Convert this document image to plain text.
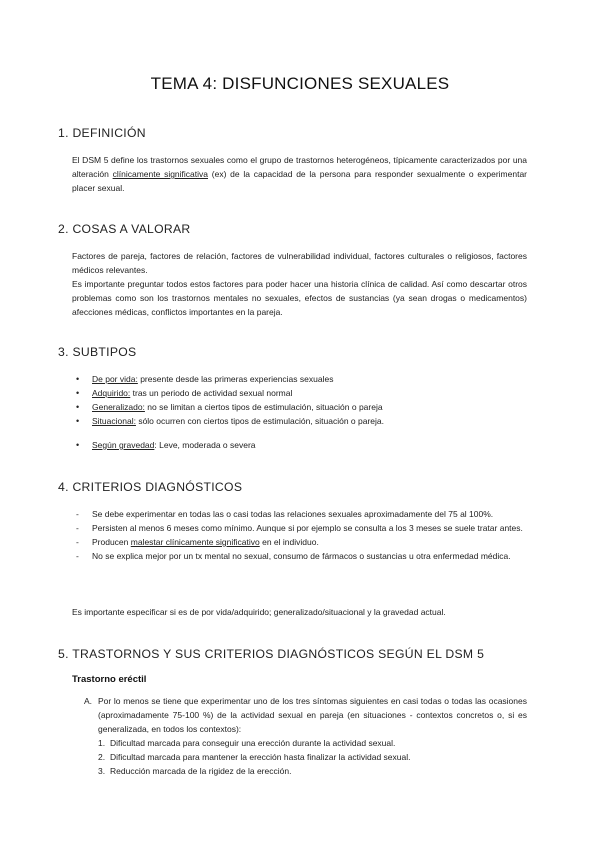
TEMA 4: DISFUNCIONES SEXUALES
1. DEFINICIÓN

El DSM 5 define los trastornos sexuales como el grupo de trastornos heterogéneos, típicamente caracterizados por una alteración clínicamente significativa (ex) de la capacidad de la persona para responder sexualmente o experimentar placer sexual.

2. COSAS A VALORAR

Factores de pareja, factores de relación, factores de vulnerabilidad individual, factores culturales o religiosos, factores médicos relevantes.

Es importante preguntar todos estos factores para poder hacer una historia clínica de calidad. Así como descartar otros problemas como son los trastornos mentales no sexuales, efectos de sustancias (ya sean drogas o medicamentos) afecciones médicas, conflictos importantes en la pareja.

3. SUBTIPOS
• De por vida: presente desde las primeras experiencias sexuales
• Adquirido: tras un periodo de actividad sexual normal
• Generalizado: no se limitan a ciertos tipos de estimulación, situación o pareja
• Situacional: sólo ocurren con ciertos tipos de estimulación, situación o pareja.
• Según gravedad: Leve, moderada o severa
4. CRITERIOS DIAGNÓSTICOS
- Se debe experimentar en todas las o casi todas las relaciones sexuales aproximadamente del 75 al 100%.
- Persisten al menos 6 meses como mínimo. Aunque si por ejemplo se consulta a los 3 meses se suele tratar antes.
- Producen malestar clínicamente significativo en el individuo.
- No se explica mejor por un tx mental no sexual, consumo de fármacos o sustancias u otra enfermedad médica.

Es importante especificar si es de por vida/adquirido; generalizado/situacional y la gravedad actual.

5. TRASTORNOS Y SUS CRITERIOS DIAGNÓSTICOS SEGÚN EL DSM 5
Trastorno eréctil
A. Por lo menos se tiene que experimentar uno de los tres síntomas siguientes en casi todas o todas las ocasiones (aproximadamente 75-100 %) de la actividad sexual en pareja (en situaciones - contextos concretos o, si es generalizada, en todos los contextos):
1. Dificultad marcada para conseguir una erección durante la actividad sexual.
2. Dificultad marcada para mantener la erección hasta finalizar la actividad sexual.
3. Reducción marcada de la rigidez de la erección.
